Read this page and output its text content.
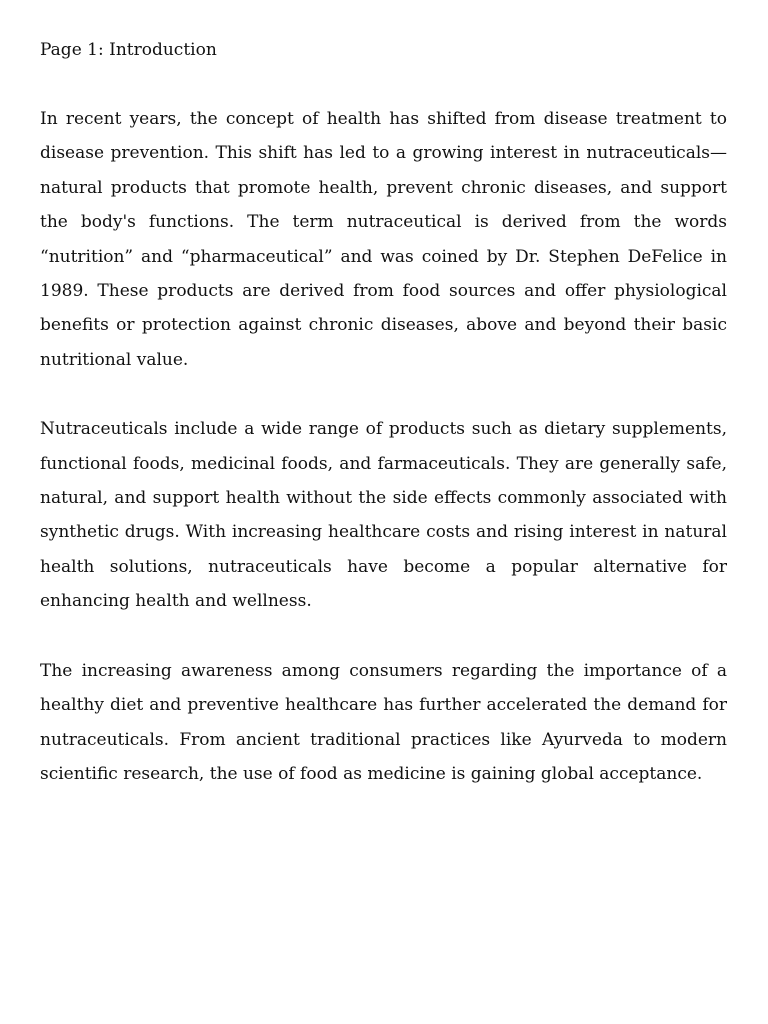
Page 1: Introduction

In recent years, the concept of health has shifted from disease treatment to disease prevention. This shift has led to a growing interest in nutraceuticals—natural products that promote health, prevent chronic diseases, and support the body's functions. The term nutraceutical is derived from the words “nutrition” and “pharmaceutical” and was coined by Dr. Stephen DeFelice in 1989. These products are derived from food sources and offer physiological benefits or protection against chronic diseases, above and beyond their basic nutritional value.

Nutraceuticals include a wide range of products such as dietary supplements, functional foods, medicinal foods, and farmaceuticals. They are generally safe, natural, and support health without the side effects commonly associated with synthetic drugs. With increasing healthcare costs and rising interest in natural health solutions, nutraceuticals have become a popular alternative for enhancing health and wellness.

The increasing awareness among consumers regarding the importance of a healthy diet and preventive healthcare has further accelerated the demand for nutraceuticals. From ancient traditional practices like Ayurveda to modern scientific research, the use of food as medicine is gaining global acceptance.
